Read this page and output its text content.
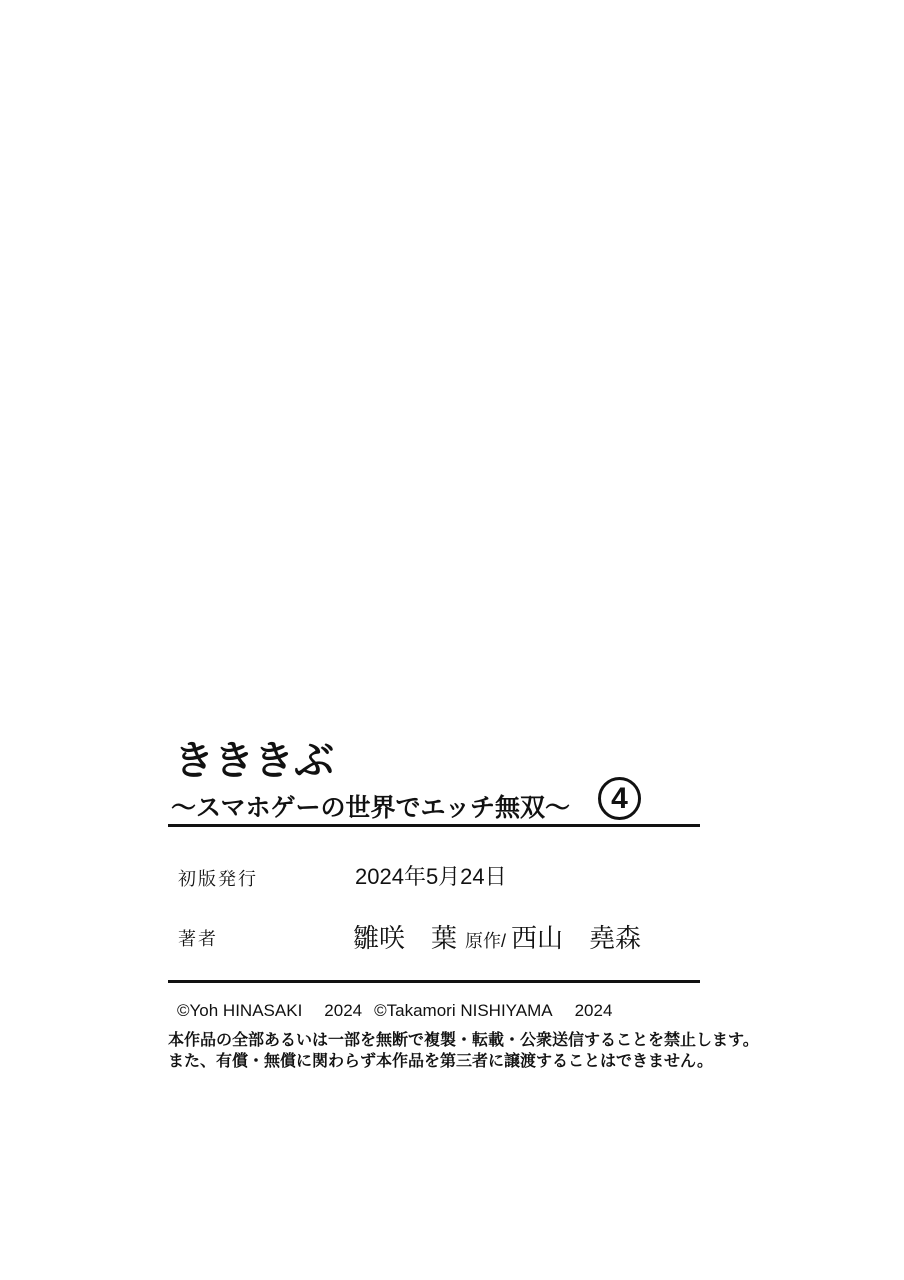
きききぶ
〜スマホゲーの世界でエッチ無双〜 4
初版発行	2024年5月24日
著者	雛咲　葉 原作/ 西山　堯森
©Yoh HINASAKI 2024 ©Takamori NISHIYAMA 2024
本作品の全部あるいは一部を無断で複製・転載・公衆送信することを禁止します。
また、有償・無償に関わらず本作品を第三者に譲渡することはできません。
